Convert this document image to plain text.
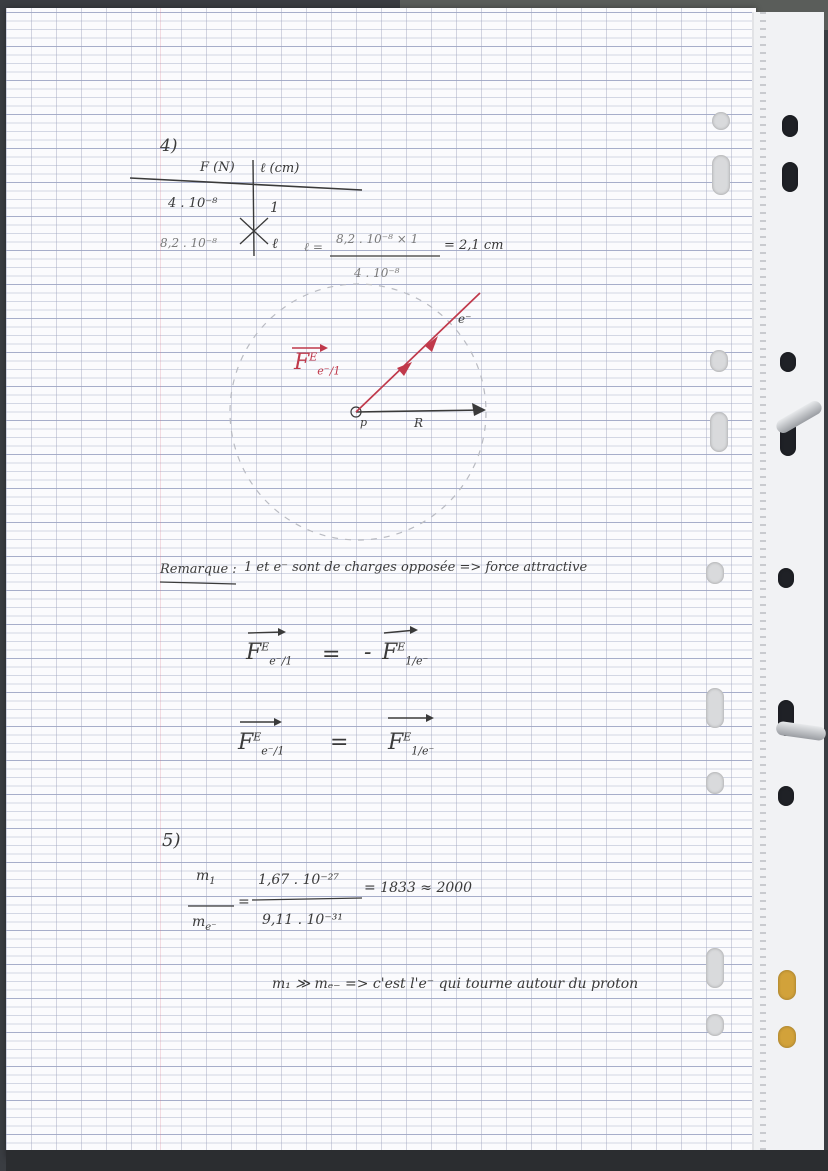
4)
F (N) ℓ (cm)
4 . 10⁻⁸	1
8,2 . 10⁻⁸	ℓ ℓ =
8,2 . 10⁻⁸ × 1
4 . 10⁻⁸
= 2,1 cm
$F^E_{e^-/1}$
e⁻
p	R
Remarque : 1 et e⁻ sont de charges opposée => force attractive
$F^E_{e^-/1}$ = - $F^E_{1/e^-}$
$F^E_{e^-/1} = F^E_{1/e^-}$
5)
$m_1$
$m_{e^-}$
=
1,67 . 10⁻²⁷
9,11 . 10⁻³¹
= 1833 ≈ 2000
m₁ ≫ mₑ₋ => c'est l'e⁻ qui tourne autour du proton
